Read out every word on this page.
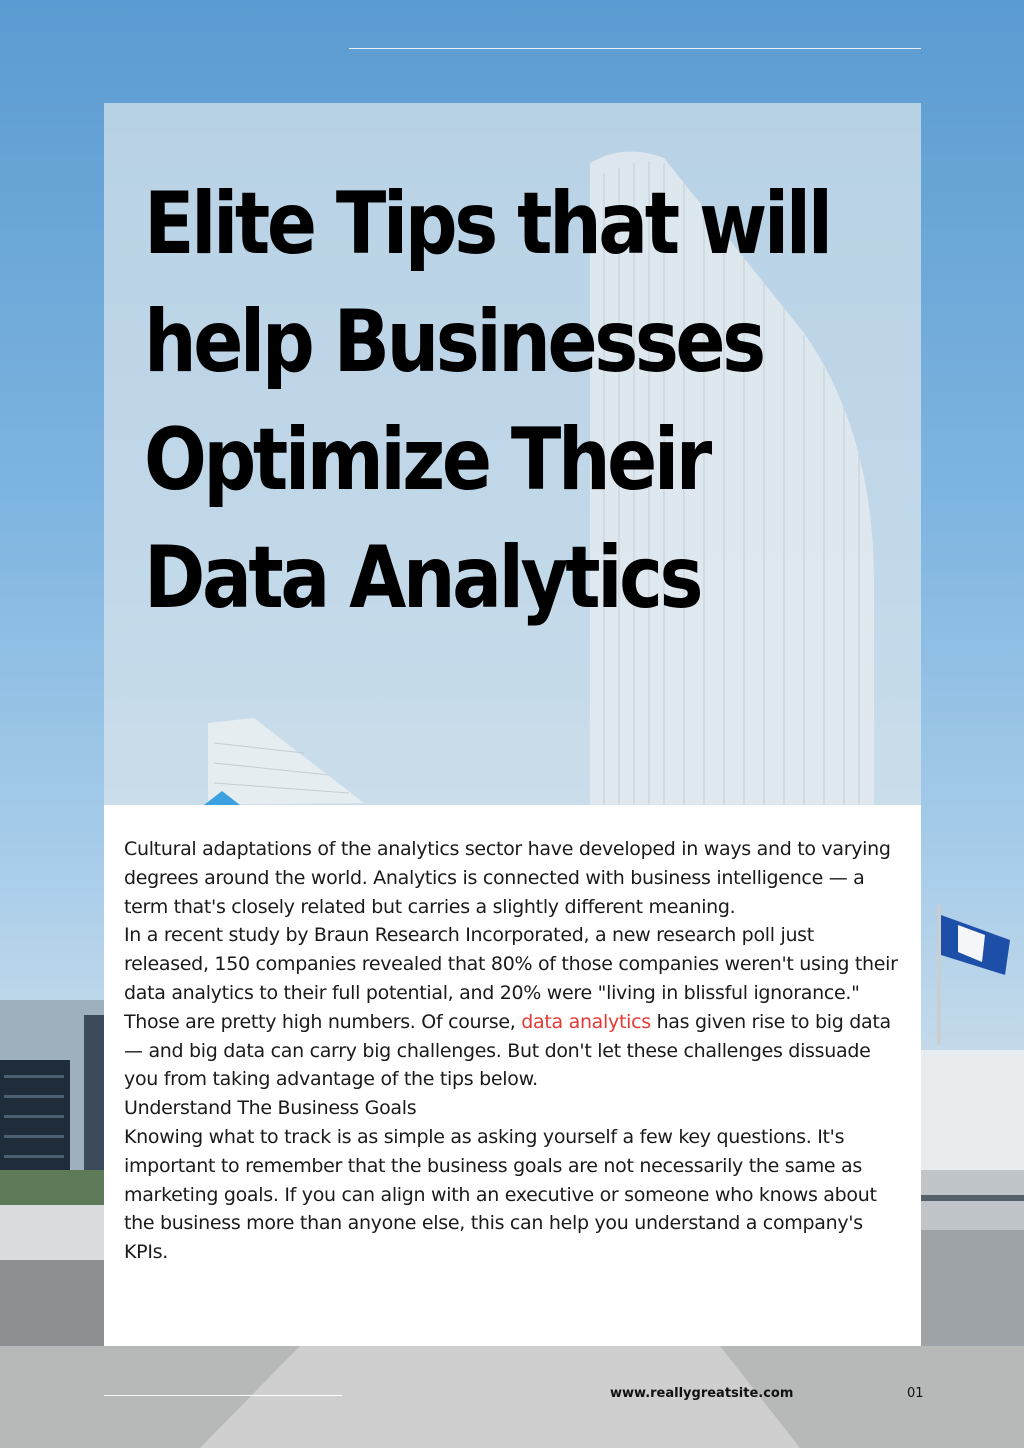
Elite Tips that will
help Businesses
Optimize Their
Data Analytics

Cultural adaptations of the analytics sector have developed in ways and to varying degrees around the world. Analytics is connected with business intelligence — a term that's closely related but carries a slightly different meaning.

In a recent study by Braun Research Incorporated, a new research poll just released, 150 companies revealed that 80% of those companies weren't using their data analytics to their full potential, and 20% were "living in blissful ignorance." Those are pretty high numbers. Of course, data analytics has given rise to big data — and big data can carry big challenges. But don't let these challenges dissuade you from taking advantage of the tips below.

Understand The Business Goals

Knowing what to track is as simple as asking yourself a few key questions. It's important to remember that the business goals are not necessarily the same as marketing goals. If you can align with an executive or someone who knows about the business more than anyone else, this can help you understand a company's KPIs.

www.reallygreatsite.com	01
